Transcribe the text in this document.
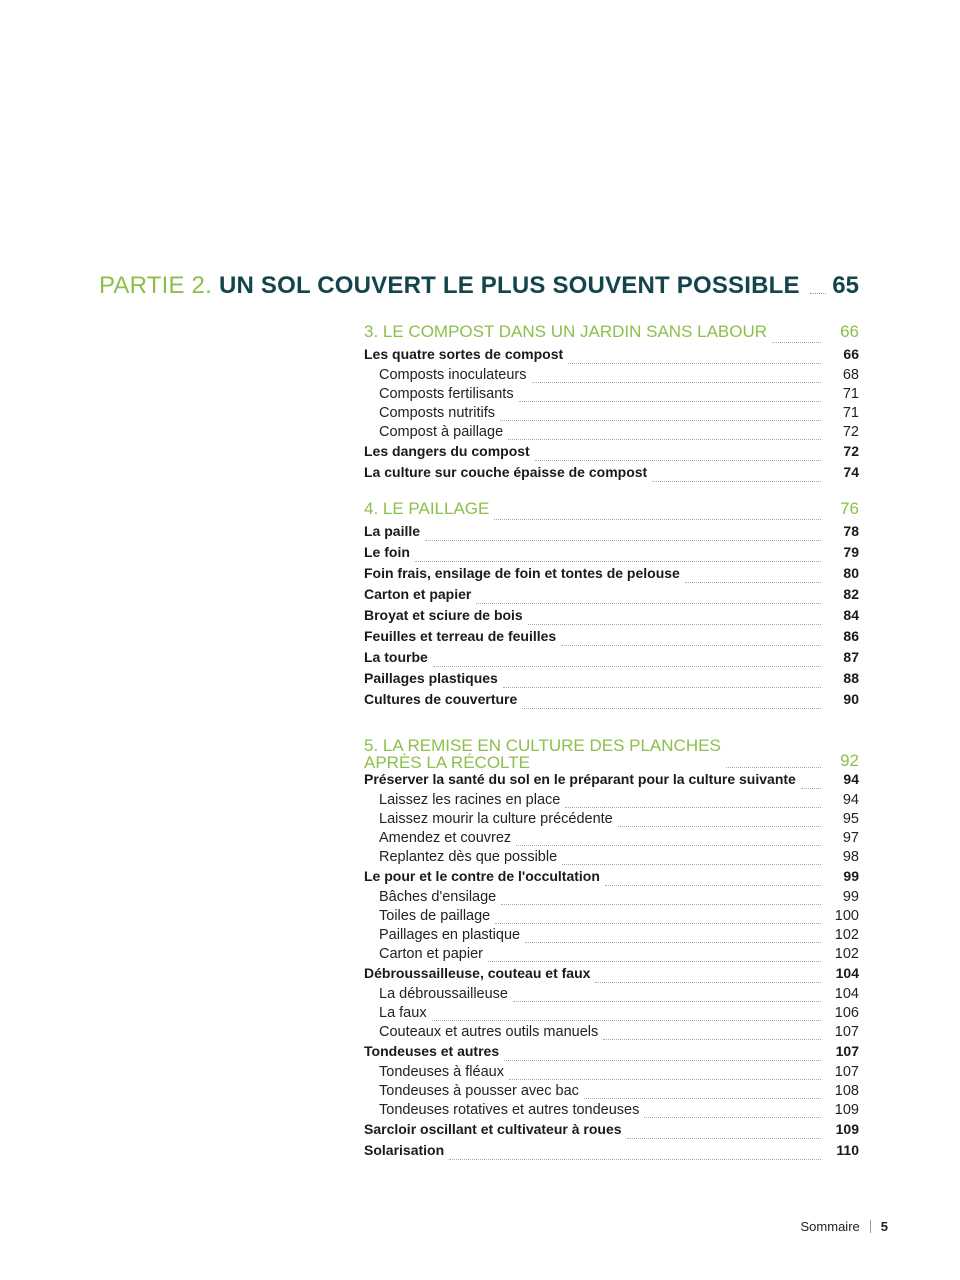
PARTIE 2. UN SOL COUVERT LE PLUS SOUVENT POSSIBLE 65
3. LE COMPOST DANS UN JARDIN SANS LABOUR	66
Les quatre sortes de compost	66
Composts inoculateurs	68
Composts fertilisants	71
Composts nutritifs	71
Compost à paillage	72
Les dangers du compost	72
La culture sur couche épaisse de compost	74
4. LE PAILLAGE	76
La paille	78
Le foin	79
Foin frais, ensilage de foin et tontes de pelouse	80
Carton et papier	82
Broyat et sciure de bois	84
Feuilles et terreau de feuilles	86
La tourbe	87
Paillages plastiques	88
Cultures de couverture	90
5. LA REMISE EN CULTURE DES PLANCHES
APRÈS LA RÉCOLTE	92
Préserver la santé du sol en le préparant pour la culture suivante	94
Laissez les racines en place	94
Laissez mourir la culture précédente	95
Amendez et couvrez	97
Replantez dès que possible	98
Le pour et le contre de l'occultation	99
Bâches d'ensilage	99
Toiles de paillage	100
Paillages en plastique	102
Carton et papier	102
Débroussailleuse, couteau et faux	104
La débroussailleuse	104
La faux	106
Couteaux et autres outils manuels	107
Tondeuses et autres	107
Tondeuses à fléaux	107
Tondeuses à pousser avec bac	108
Tondeuses rotatives et autres tondeuses	109
Sarcloir oscillant et cultivateur à roues	109
Solarisation	110
Sommaire 5
